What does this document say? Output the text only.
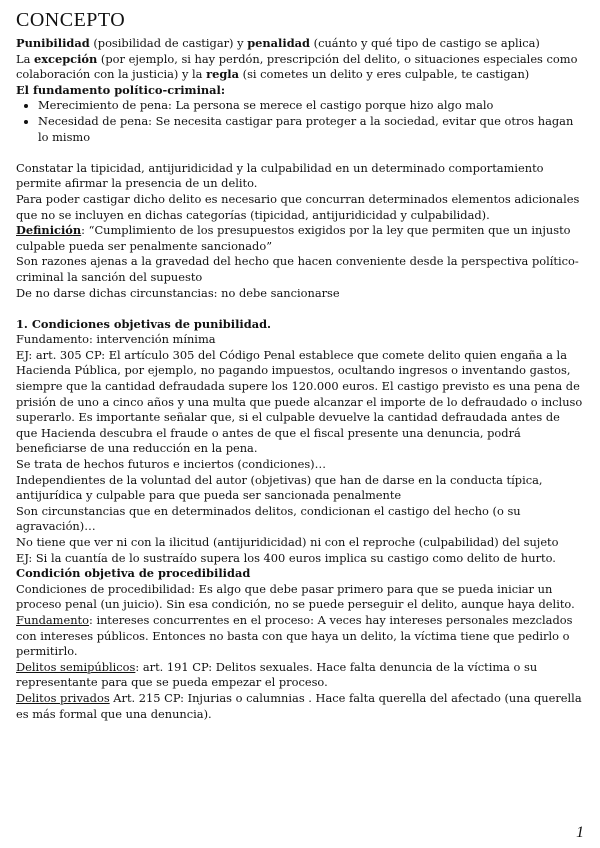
CONCEPTO

Punibilidad (posibilidad de castigar) y penalidad (cuánto y qué tipo de castigo se aplica)

La excepción (por ejemplo, si hay perdón, prescripción del delito, o situaciones especiales como colaboración con la justicia) y la regla (si cometes un delito y eres culpable, te castigan)

El fundamento político-criminal:

• Merecimiento de pena: La persona se merece el castigo porque hizo algo malo
• Necesidad de pena: Se necesita castigar para proteger a la sociedad, evitar que otros hagan lo mismo

Constatar la tipicidad, antijuridicidad y la culpabilidad en un determinado comportamiento permite afirmar la presencia de un delito.

Para poder castigar dicho delito es necesario que concurran determinados elementos adicionales que no se incluyen en dichas categorías (tipicidad, antijuridicidad y culpabilidad).

Definición: “Cumplimiento de los presupuestos exigidos por la ley que permiten que un injusto culpable pueda ser penalmente sancionado”

Son razones ajenas a la gravedad del hecho que hacen conveniente desde la perspectiva político-criminal la sanción del supuesto

De no darse dichas circunstancias: no debe sancionarse

1. Condiciones objetivas de punibilidad.

Fundamento: intervención mínima

EJ: art. 305 CP: El artículo 305 del Código Penal establece que comete delito quien engaña a la Hacienda Pública, por ejemplo, no pagando impuestos, ocultando ingresos o inventando gastos, siempre que la cantidad defraudada supere los 120.000 euros. El castigo previsto es una pena de prisión de uno a cinco años y una multa que puede alcanzar el importe de lo defraudado o incluso superarlo. Es importante señalar que, si el culpable devuelve la cantidad defraudada antes de que Hacienda descubra el fraude o antes de que el fiscal presente una denuncia, podrá beneficiarse de una reducción en la pena.

Se trata de hechos futuros e inciertos (condiciones)…

Independientes de la voluntad del autor (objetivas) que han de darse en la conducta típica, antijurídica y culpable para que pueda ser sancionada penalmente

Son circunstancias que en determinados delitos, condicionan el castigo del hecho (o su agravación)…

No tiene que ver ni con la ilicitud (antijuridicidad) ni con el reproche (culpabilidad) del sujeto

EJ: Si la cuantía de lo sustraído supera los 400 euros implica su castigo como delito de hurto.

Condición objetiva de procedibilidad

Condiciones de procedibilidad: Es algo que debe pasar primero para que se pueda iniciar un proceso penal (un juicio). Sin esa condición, no se puede perseguir el delito, aunque haya delito.

Fundamento: intereses concurrentes en el proceso: A veces hay intereses personales mezclados con intereses públicos. Entonces no basta con que haya un delito, la víctima tiene que pedirlo o permitirlo.

Delitos semipúblicos: art. 191 CP: Delitos sexuales. Hace falta denuncia de la víctima o su representante para que se pueda empezar el proceso.

Delitos privados Art. 215 CP: Injurias o calumnias . Hace falta querella del afectado (una querella es más formal que una denuncia).

1
